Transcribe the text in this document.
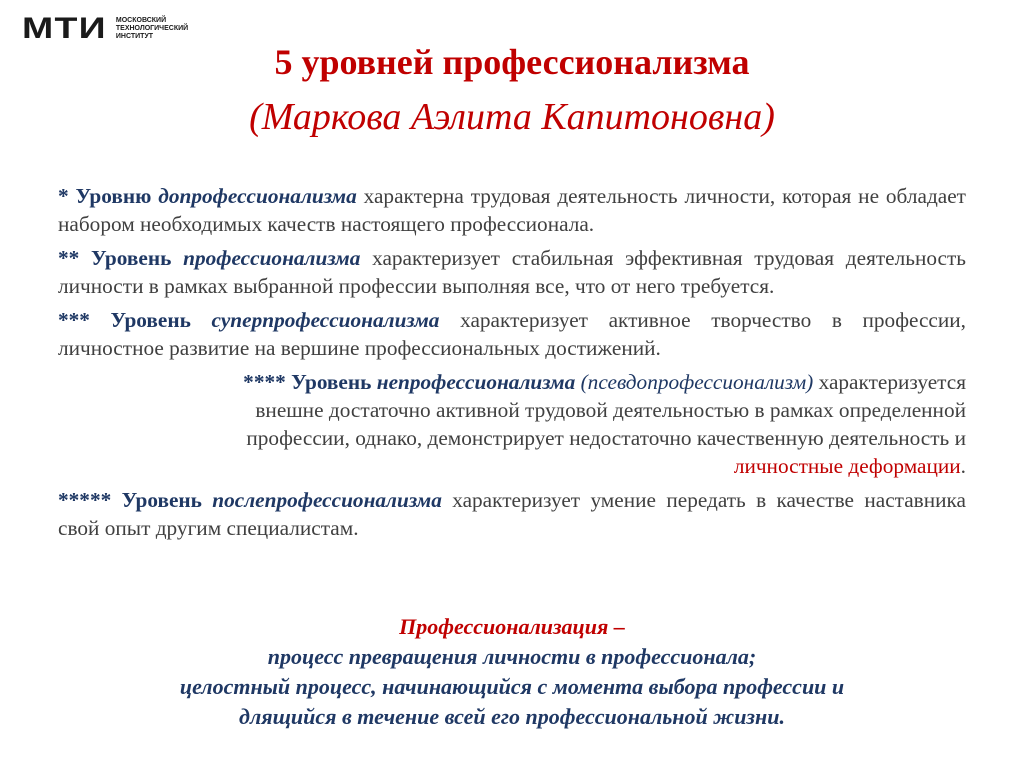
МТИ МОСКОВСКИЙ
ТЕХНОЛОГИЧЕСКИЙ
ИНСТИТУТ
5 уровней профессионализма
(Маркова Аэлита Капитоновна)

* Уровню допрофессионализма характерна трудовая деятельность личности, которая не обладает набором необходимых качеств настоящего профессионала.

** Уровень профессионализма характеризует стабильная эффективная трудовая деятельность личности в рамках выбранной профессии выполняя все, что от него требуется.

*** Уровень суперпрофессионализма характеризует активное творчество в профессии, личностное развитие на вершине профессиональных достижений.

**** Уровень непрофессионализма (псевдопрофессионализм) характеризуется
внешне достаточно активной трудовой деятельностью в рамках определенной
профессии, однако, демонстрирует недостаточно качественную деятельность и
личностные деформации.

***** Уровень послепрофессионализма характеризует умение передать в качестве наставника свой опыт другим специалистам.

Профессионализация –
процесс превращения личности в профессионала;
целостный процесс, начинающийся с момента выбора профессии и
длящийся в течение всей его профессиональной жизни.
